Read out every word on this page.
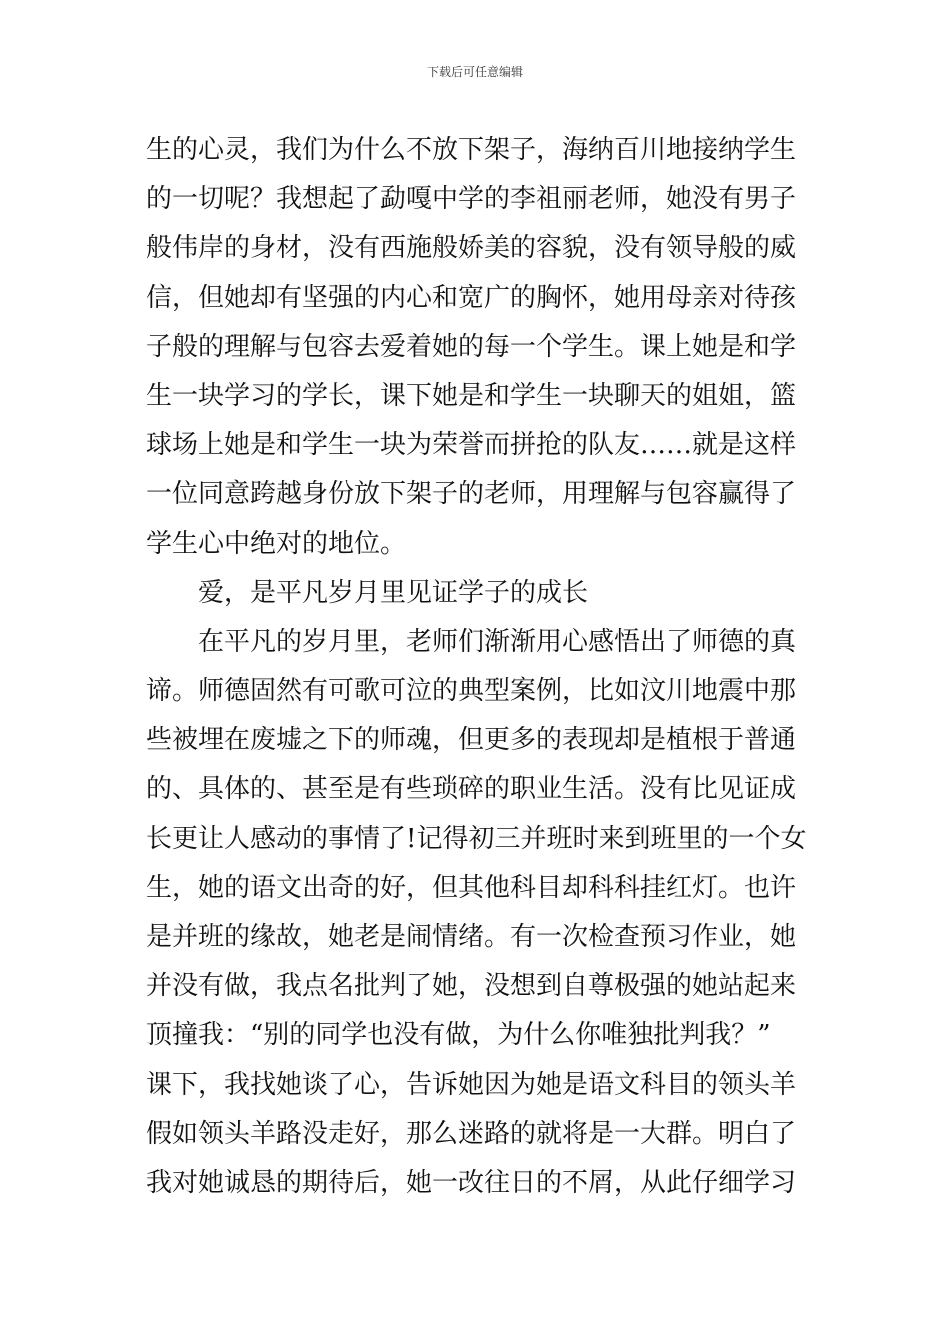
下载后可任意编辑
生的心灵，我们为什么不放下架子，海纳百川地接纳学生
的一切呢？我想起了勐嘎中学的李祖丽老师，她没有男子
般伟岸的身材，没有西施般娇美的容貌，没有领导般的威
信，但她却有坚强的内心和宽广的胸怀，她用母亲对待孩
子般的理解与包容去爱着她的每一个学生。课上她是和学
生一块学习的学长，课下她是和学生一块聊天的姐姐，篮
球场上她是和学生一块为荣誉而拼抢的队友……就是这样
一位同意跨越身份放下架子的老师，用理解与包容赢得了
学生心中绝对的地位。
爱，是平凡岁月里见证学子的成长
在平凡的岁月里，老师们渐渐用心感悟出了师德的真
谛。师德固然有可歌可泣的典型案例，比如汶川地震中那
些被埋在废墟之下的师魂，但更多的表现却是植根于普通
的、具体的、甚至是有些琐碎的职业生活。没有比见证成
长更让人感动的事情了!记得初三并班时来到班里的一个女
生，她的语文出奇的好，但其他科目却科科挂红灯。也许
是并班的缘故，她老是闹情绪。有一次检查预习作业，她
并没有做，我点名批判了她，没想到自尊极强的她站起来
顶撞我：“别的同学也没有做，为什么你唯独批判我？”
课下，我找她谈了心，告诉她因为她是语文科目的领头羊
假如领头羊路没走好，那么迷路的就将是一大群。明白了
我对她诚恳的期待后，她一改往日的不屑，从此仔细学习
